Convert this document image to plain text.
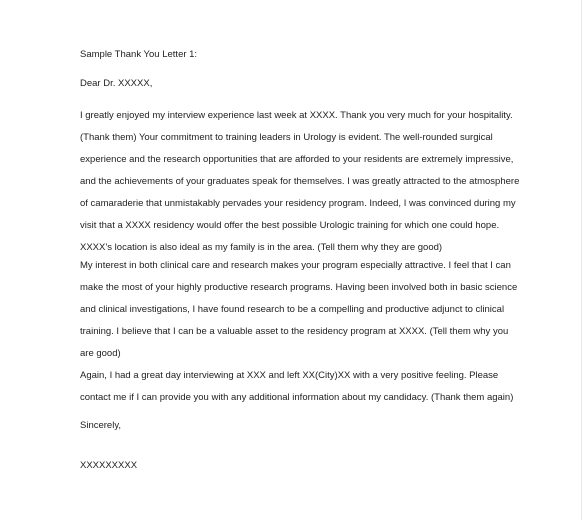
Sample Thank You Letter 1:
Dear Dr. XXXXX,
I greatly enjoyed my interview experience last week at XXXX. Thank you very much for your hospitality.
(Thank them) Your commitment to training leaders in Urology is evident. The well-rounded surgical
experience and the research opportunities that are afforded to your residents are extremely impressive,
and the achievements of your graduates speak for themselves. I was greatly attracted to the atmosphere
of camaraderie that unmistakably pervades your residency program. Indeed, I was convinced during my
visit that a XXXX residency would offer the best possible Urologic training for which one could hope.
XXXX’s location is also ideal as my family is in the area. (Tell them why they are good)
My interest in both clinical care and research makes your program especially attractive. I feel that I can
make the most of your highly productive research programs. Having been involved both in basic science
and clinical investigations, I have found research to be a compelling and productive adjunct to clinical
training. I believe that I can be a valuable asset to the residency program at XXXX. (Tell them why you
are good)
Again, I had a great day interviewing at XXX and left XX(City)XX with a very positive feeling. Please
contact me if I can provide you with any additional information about my candidacy. (Thank them again)
Sincerely,
XXXXXXXXX
